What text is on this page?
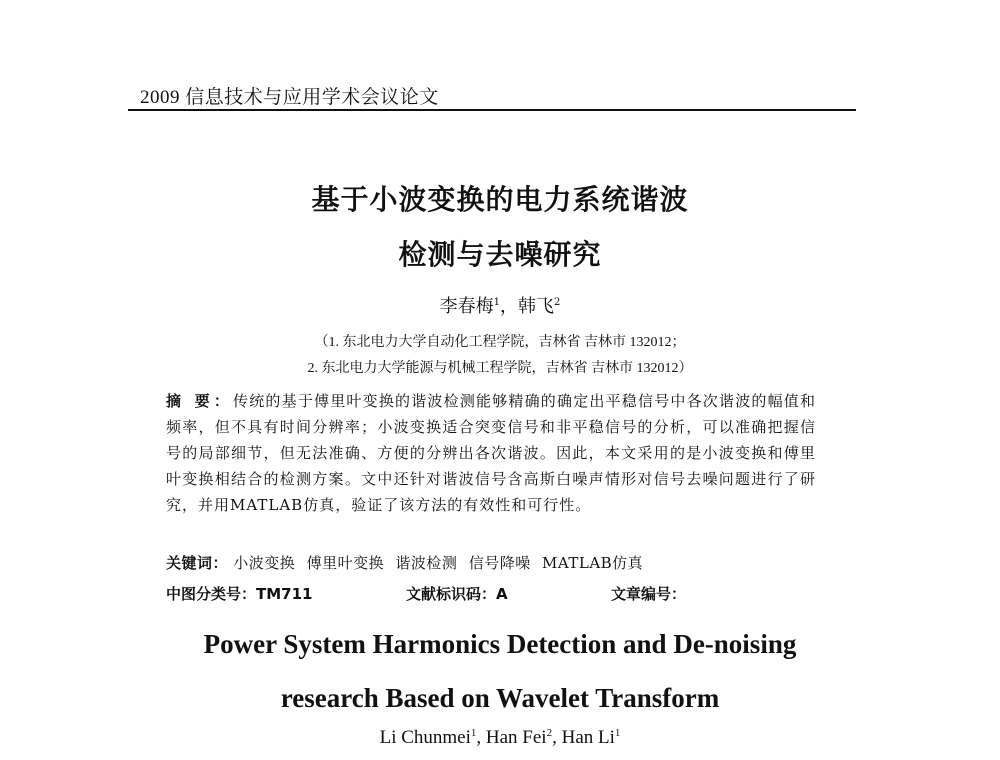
2009 信息技术与应用学术会议论文
基于小波变换的电力系统谐波
检测与去噪研究
李春梅$^1$，韩飞$^2$
（1. 东北电力大学自动化工程学院，吉林省 吉林市 132012；
2. 东北电力大学能源与机械工程学院，吉林省 吉林市 132012）
摘 要：传统的基于傅里叶变换的谐波检测能够精确的确定出平稳信号中各次谐波的幅值和频率，但不具有时间分辨率；小波变换适合突变信号和非平稳信号的分析，可以准确把握信号的局部细节，但无法准确、方便的分辨出各次谐波。因此，本文采用的是小波变换和傅里叶变换相结合的检测方案。文中还针对谐波信号含高斯白噪声情形对信号去噪问题进行了研究，并用MATLAB仿真，验证了该方法的有效性和可行性。
关键词： 小波变换 傅里叶变换 谐波检测 信号降噪 MATLAB仿真
中图分类号：TM711	文献标识码：A	文章编号：
Power System Harmonics Detection and De-noising
research Based on Wavelet Transform
Li Chunmei$^1$, Han Fei$^2$, Han Li$^1$
